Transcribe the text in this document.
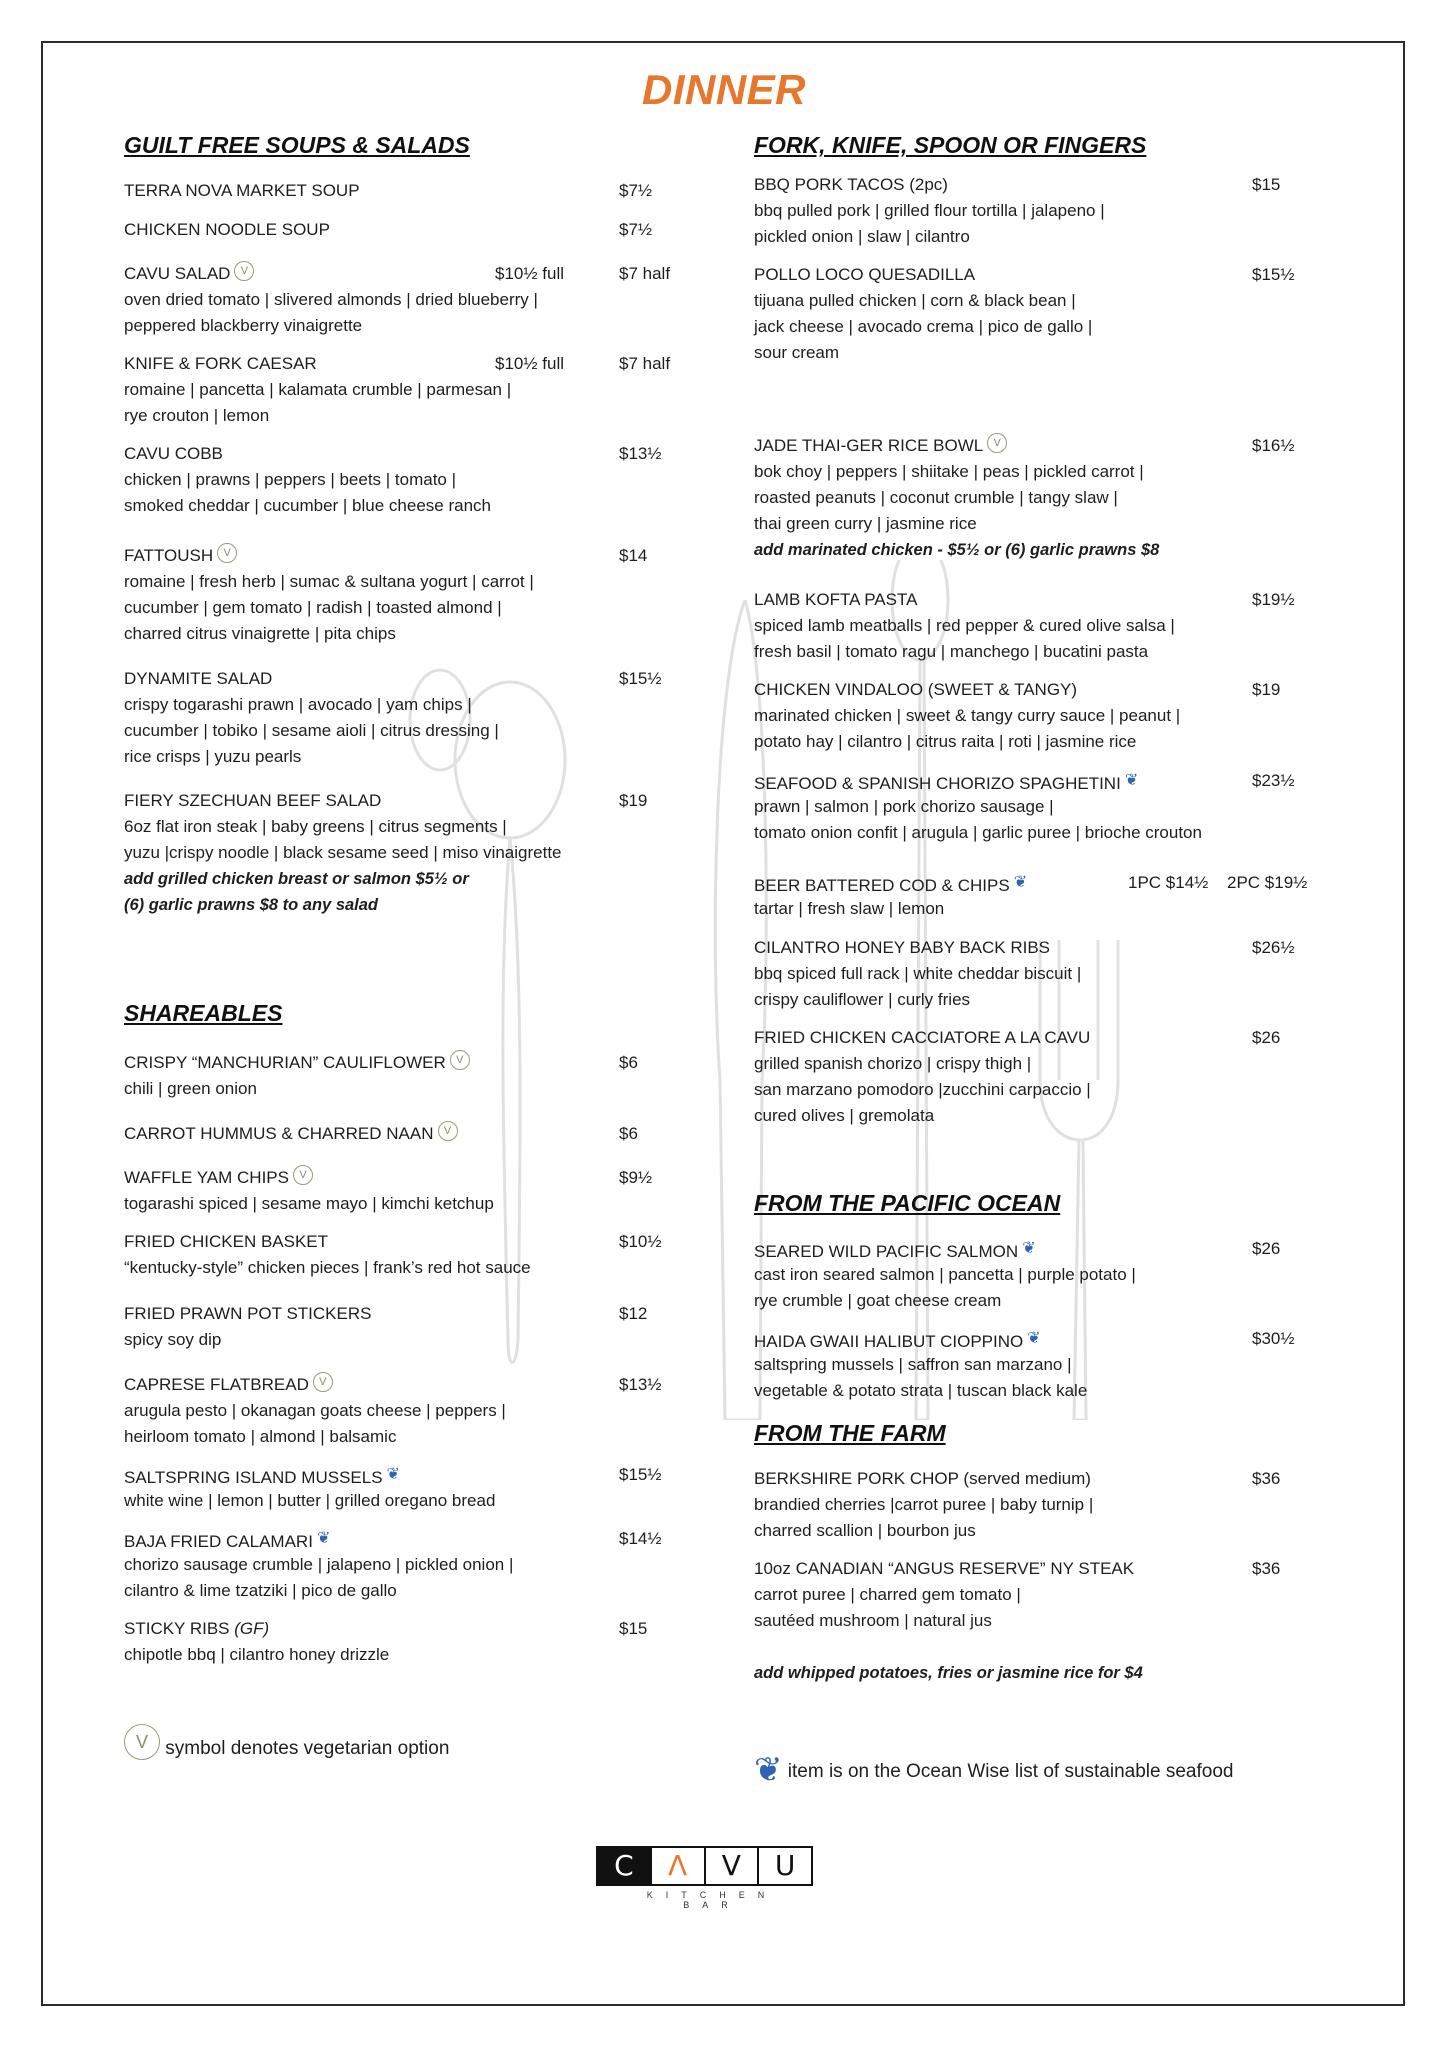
DINNER
GUILT FREE SOUPS & SALADS
TERRA NOVA MARKET SOUP	$7½
CHICKEN NOODLE SOUP	$7½
CAVU SALAD V	$10½ full	$7 half

oven dried tomato | slivered almonds | dried blueberry |

peppered blackberry vinaigrette

KNIFE & FORK CAESAR	$10½ full	$7 half

romaine | pancetta | kalamata crumble | parmesan |

rye crouton | lemon

CAVU COBB	$13½

chicken | prawns | peppers | beets | tomato |

smoked cheddar | cucumber | blue cheese ranch

FATTOUSH V	$14

romaine | fresh herb | sumac & sultana yogurt | carrot |

cucumber | gem tomato | radish | toasted almond |

charred citrus vinaigrette | pita chips

DYNAMITE SALAD	$15½

crispy togarashi prawn | avocado | yam chips |

cucumber | tobiko | sesame aioli | citrus dressing |

rice crisps | yuzu pearls

FIERY SZECHUAN BEEF SALAD	$19

6oz flat iron steak | baby greens | citrus segments |

yuzu |crispy noodle | black sesame seed | miso vinaigrette

add grilled chicken breast or salmon $5½ or
(6) garlic prawns $8 to any salad
SHAREABLES
CRISPY “MANCHURIAN” CAULIFLOWER V	$6

chili | green onion

CARROT HUMMUS & CHARRED NAAN V	$6
WAFFLE YAM CHIPS V	$9½

togarashi spiced | sesame mayo | kimchi ketchup

FRIED CHICKEN BASKET	$10½

“kentucky-style” chicken pieces | frank’s red hot sauce

FRIED PRAWN POT STICKERS	$12

spicy soy dip

CAPRESE FLATBREAD V	$13½

arugula pesto | okanagan goats cheese | peppers |

heirloom tomato | almond | balsamic

SALTSPRING ISLAND MUSSELS ❦	$15½

white wine | lemon | butter | grilled oregano bread

BAJA FRIED CALAMARI ❦	$14½

chorizo sausage crumble | jalapeno | pickled onion |

cilantro & lime tzatziki | pico de gallo

STICKY RIBS (GF)	$15

chipotle bbq | cilantro honey drizzle

V symbol denotes vegetarian option
FORK, KNIFE, SPOON OR FINGERS
BBQ PORK TACOS (2pc)	$15

bbq pulled pork | grilled flour tortilla | jalapeno |

pickled onion | slaw | cilantro

POLLO LOCO QUESADILLA	$15½

tijuana pulled chicken | corn & black bean |

jack cheese | avocado crema | pico de gallo |

sour cream

JADE THAI-GER RICE BOWL V	$16½

bok choy | peppers | shiitake | peas | pickled carrot |

roasted peanuts | coconut crumble | tangy slaw |

thai green curry | jasmine rice

add marinated chicken - $5½ or (6) garlic prawns $8

LAMB KOFTA PASTA	$19½

spiced lamb meatballs | red pepper & cured olive salsa |

fresh basil | tomato ragu | manchego | bucatini pasta

CHICKEN VINDALOO (SWEET & TANGY)	$19

marinated chicken | sweet & tangy curry sauce | peanut |

potato hay | cilantro | citrus raita | roti | jasmine rice

SEAFOOD & SPANISH CHORIZO SPAGHETINI ❦	$23½

prawn | salmon | pork chorizo sausage |

tomato onion confit | arugula | garlic puree | brioche crouton

BEER BATTERED COD & CHIPS ❦	1PC $14½ 2PC $19½

tartar | fresh slaw | lemon

CILANTRO HONEY BABY BACK RIBS	$26½

bbq spiced full rack | white cheddar biscuit |

crispy cauliflower | curly fries

FRIED CHICKEN CACCIATORE A LA CAVU	$26

grilled spanish chorizo | crispy thigh |

san marzano pomodoro |zucchini carpaccio |

cured olives | gremolata

FROM THE PACIFIC OCEAN
SEARED WILD PACIFIC SALMON ❦	$26

cast iron seared salmon | pancetta | purple potato |

rye crumble | goat cheese cream

HAIDA GWAII HALIBUT CIOPPINO ❦	$30½

saltspring mussels | saffron san marzano |

vegetable & potato strata | tuscan black kale

FROM THE FARM
BERKSHIRE PORK CHOP (served medium)	$36

brandied cherries |carrot puree | baby turnip |

charred scallion | bourbon jus

10oz CANADIAN “ANGUS RESERVE” NY STEAK	$36

carrot puree | charred gem tomato |

sautéed mushroom | natural jus

add whipped potatoes, fries or jasmine rice for $4
❦ item is on the Ocean Wise list of sustainable seafood
C	Λ	V	U
KITCHEN BAR
